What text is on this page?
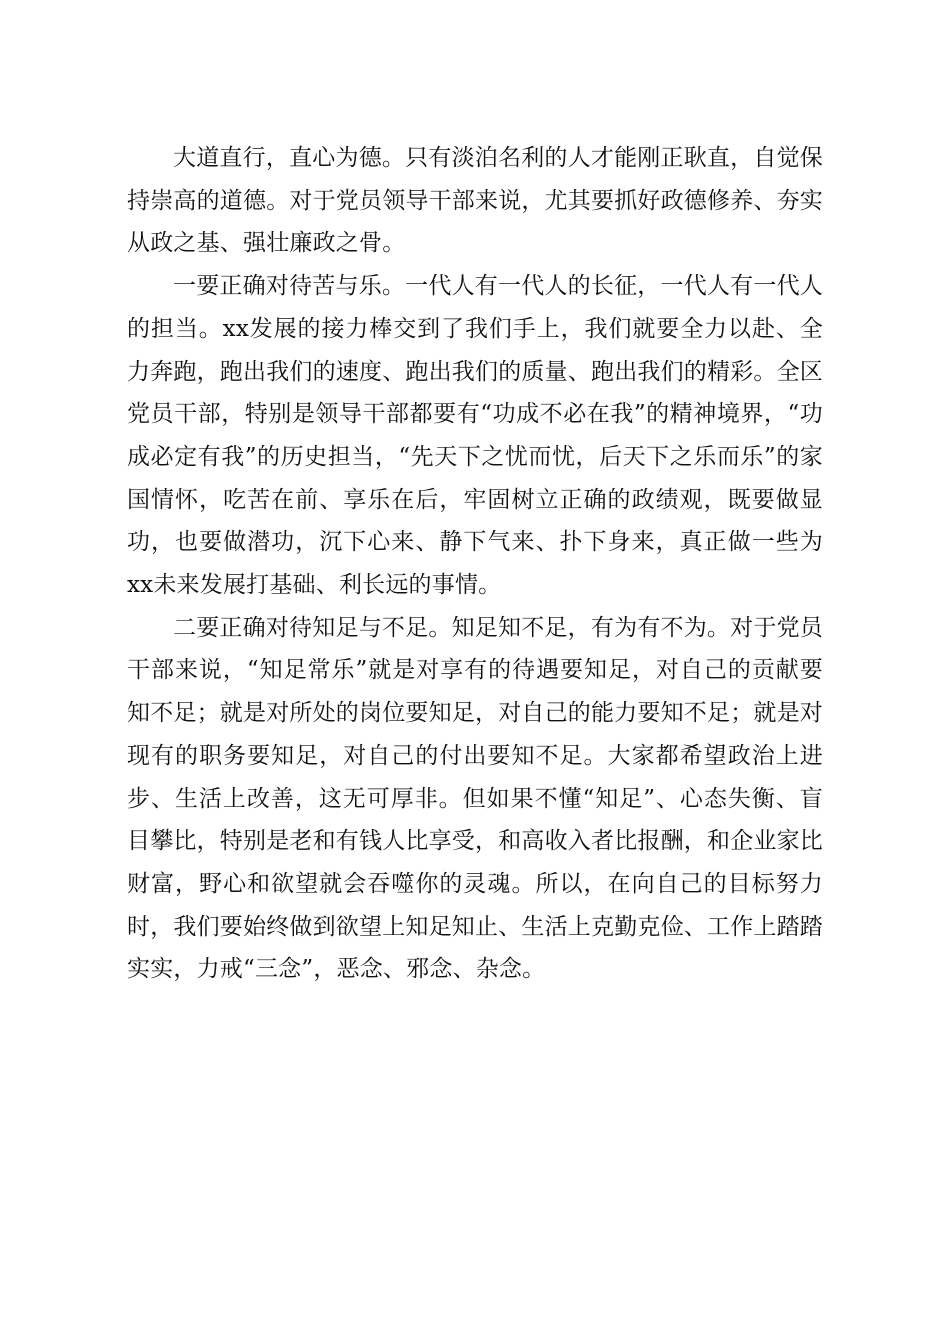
大道直行，直心为德。只有淡泊名利的人才能刚正耿直，自觉保持崇高的道德。对于党员领导干部来说，尤其要抓好政德修养、夯实从政之基、强壮廉政之骨。

一要正确对待苦与乐。一代人有一代人的长征，一代人有一代人的担当。xx发展的接力棒交到了我们手上，我们就要全力以赴、全力奔跑，跑出我们的速度、跑出我们的质量、跑出我们的精彩。全区党员干部，特别是领导干部都要有“功成不必在我”的精神境界，“功成必定有我”的历史担当，“先天下之忧而忧，后天下之乐而乐”的家国情怀，吃苦在前、享乐在后，牢固树立正确的政绩观，既要做显功，也要做潜功，沉下心来、静下气来、扑下身来，真正做一些为xx未来发展打基础、利长远的事情。

二要正确对待知足与不足。知足知不足，有为有不为。对于党员干部来说，“知足常乐”就是对享有的待遇要知足，对自己的贡献要知不足；就是对所处的岗位要知足，对自己的能力要知不足；就是对现有的职务要知足，对自己的付出要知不足。大家都希望政治上进步、生活上改善，这无可厚非。但如果不懂“知足”、心态失衡、盲目攀比，特别是老和有钱人比享受，和高收入者比报酬，和企业家比财富，野心和欲望就会吞噬你的灵魂。所以，在向自己的目标努力时，我们要始终做到欲望上知足知止、生活上克勤克俭、工作上踏踏实实，力戒“三念”，恶念、邪念、杂念。
